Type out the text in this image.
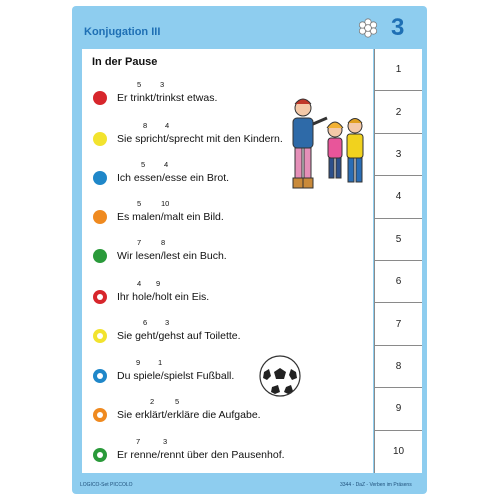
Konjugation III	3
In der Pause
5	3
Er trinkt/trinkst etwas.
8 4
Sie spricht/sprecht mit den Kindern.
5	4
Ich essen/esse ein Brot.
5	10
Es malen/malt ein Bild.
7	8
Wir lesen/lest ein Buch.
4 9
Ihr hole/holt ein Eis.
6 3
Sie geht/gehst auf Toilette.
9 1
Du spiele/spielst Fußball.
2	5
Sie erklärt/erkläre die Aufgabe.
7	3
Er renne/rennt über den Pausenhof.
1
2
3
4
5
6
7
8
9
10
LOGICO-Set PICCOLO	3344 - DaZ - Verben im Präsens
